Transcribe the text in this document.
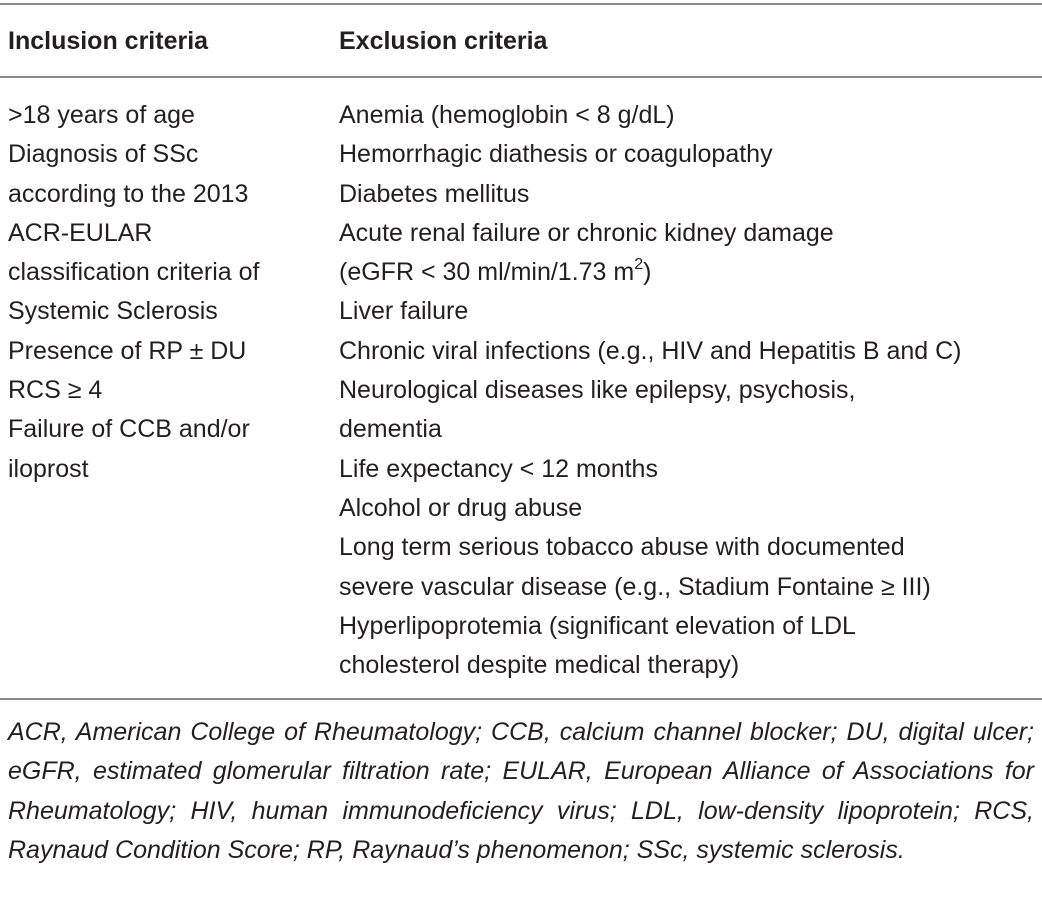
Inclusion criteria	Exclusion criteria
>18 years of age
Diagnosis of SSc
according to the 2013
ACR-EULAR
classification criteria of
Systemic Sclerosis
Presence of RP ± DU
RCS ≥ 4
Failure of CCB and/or
iloprost
Anemia (hemoglobin < 8 g/dL)
Hemorrhagic diathesis or coagulopathy
Diabetes mellitus
Acute renal failure or chronic kidney damage
(eGFR < 30 ml/min/1.73 $m^2$)
Liver failure
Chronic viral infections (e.g., HIV and Hepatitis B and C)
Neurological diseases like epilepsy, psychosis,
dementia
Life expectancy < 12 months
Alcohol or drug abuse
Long term serious tobacco abuse with documented
severe vascular disease (e.g., Stadium Fontaine ≥ III)
Hyperlipoprotemia (significant elevation of LDL
cholesterol despite medical therapy)
ACR, American College of Rheumatology; CCB, calcium channel blocker; DU, digital ulcer; eGFR, estimated glomerular filtration rate; EULAR, European Alliance of Associations for Rheumatology; HIV, human immunodeficiency virus; LDL, low-density lipoprotein; RCS, Raynaud Condition Score; RP, Raynaud’s phenomenon; SSc, systemic sclerosis.
